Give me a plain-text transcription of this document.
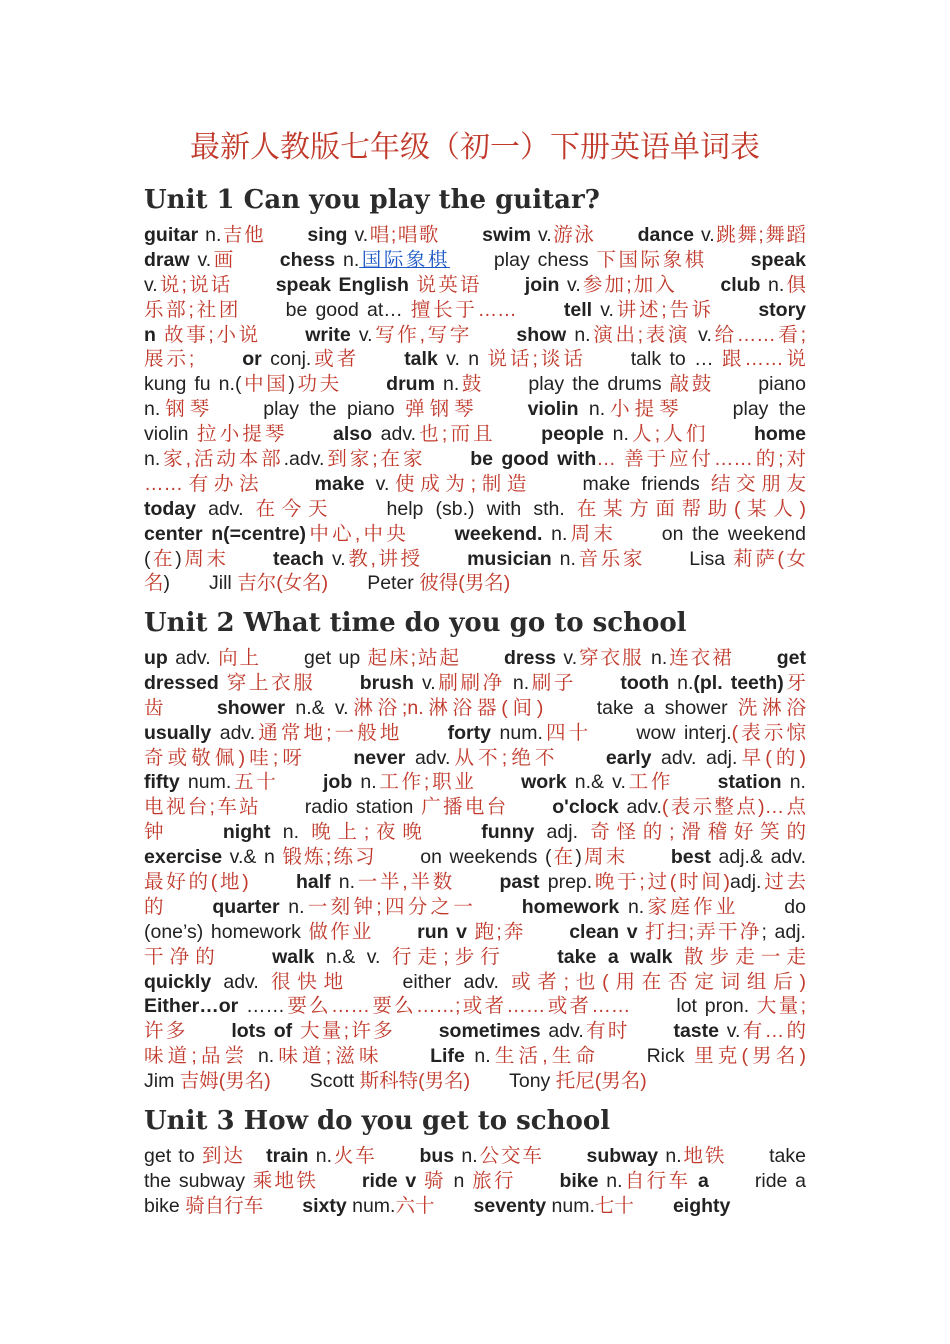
最新人教版七年级（初一）下册英语单词表
Unit 1 Can you play the guitar?
guitar n.吉他　　 sing v.唱;唱歌　　 swim v.游泳　　 dance v.跳舞;舞蹈
draw v.画　　 chess n.国际象棋　　play chess 下国际象棋　　 speak
v.说;说话　　 speak English 说英语　　 join v.参加;加入　　 club n.俱
乐部;社团　　be good at… 擅长于……　　 tell v.讲述;告诉　　 story
n 故事;小说　　 write v.写作,写字　　 show n.演出;表演 v.给……看;
展示;　　 or conj.或者　　 talk v. n 说话;谈话　　talk to … 跟……说
kung fu n.(中国)功夫　　 drum n.鼓　　play the drums 敲鼓　　piano
n.钢琴　　play the piano 弹钢琴　　	violin n.小提琴　　play the
violin 拉小提琴　　 also adv.也;而且　　 people n.人;人们　　 home
n.家,活动本部.adv.到家;在家　　 be good with… 善于应付……的;对
……有办法　　	make v.使成为;制造　　make friends 结交朋友
today adv. 在今天　　help (sb.) with sth. 在某方面帮助(某人)
center n(=centre)中心,中央　　 weekend. n.周末　　on the weekend
(在)周末　　 teach v.教,讲授　　 musician n.音乐家　　Lisa 莉萨(女
名)　　Jill 吉尔(女名)　　Peter 彼得(男名)
Unit 2 What time do you go to school
up adv. 向上　　get up 起床;站起　　 dress v.穿衣服 n.连衣裙　　 get
dressed 穿上衣服　　 brush v.刷刷净 n.刷子　　 tooth n.(pl. teeth)牙
齿　　 shower n.& v.淋浴;n.淋浴器(间)　　take a shower 洗淋浴
usually adv.通常地;一般地　　 forty num.四十　　wow interj.(表示惊
奇或敬佩)哇;呀　　 never adv.从不;绝不　　 early adv. adj.早(的)
fifty num.五十　　 job n.工作;职业　　 work n.& v.工作　　 station n.
电视台;车站　　radio station 广播电台　　 o'clock adv.(表示整点)…点
钟　　	night n. 晚上;夜晚　　	funny adj. 奇怪的;滑稽好笑的
exercise v.& n 锻炼;练习　　on weekends (在)周末　　 best adj.& adv.
最好的(地)　　 half n.一半,半数　　 past prep.晚于;过(时间)adj.过去
的　　 quarter n.一刻钟;四分之一　　 homework n.家庭作业　　do
(one’s) homework 做作业　　 run v 跑;奔　　 clean v 打扫;弄干净; adj.
干净的　　	walk n.& v. 行走;步行　　	take a walk 散步走一走
quickly adv. 很快地　　either adv. 或者;也(用在否定词组后)
Either…or ……要么……要么……;或者……或者……　　lot pron. 大量;
许多　　 lots of 大量;许多　　 sometimes adv.有时　　 taste v.有…的
味道;品尝 n.味道;滋味　　 Life n.生活,生命　　Rick 里克(男名)
Jim 吉姆(男名)　　Scott 斯科特(男名)　　Tony 托尼(男名)
Unit 3 How do you get to school
get to 到达　 train n.火车　　 bus n.公交车　　 subway n.地铁　　take
the subway 乘地铁　　 ride v 骑 n 旅行　　 bike n.自行车 a　　ride a
bike 骑自行车　　 sixty num.六十　　 seventy num.七十　　 eighty
